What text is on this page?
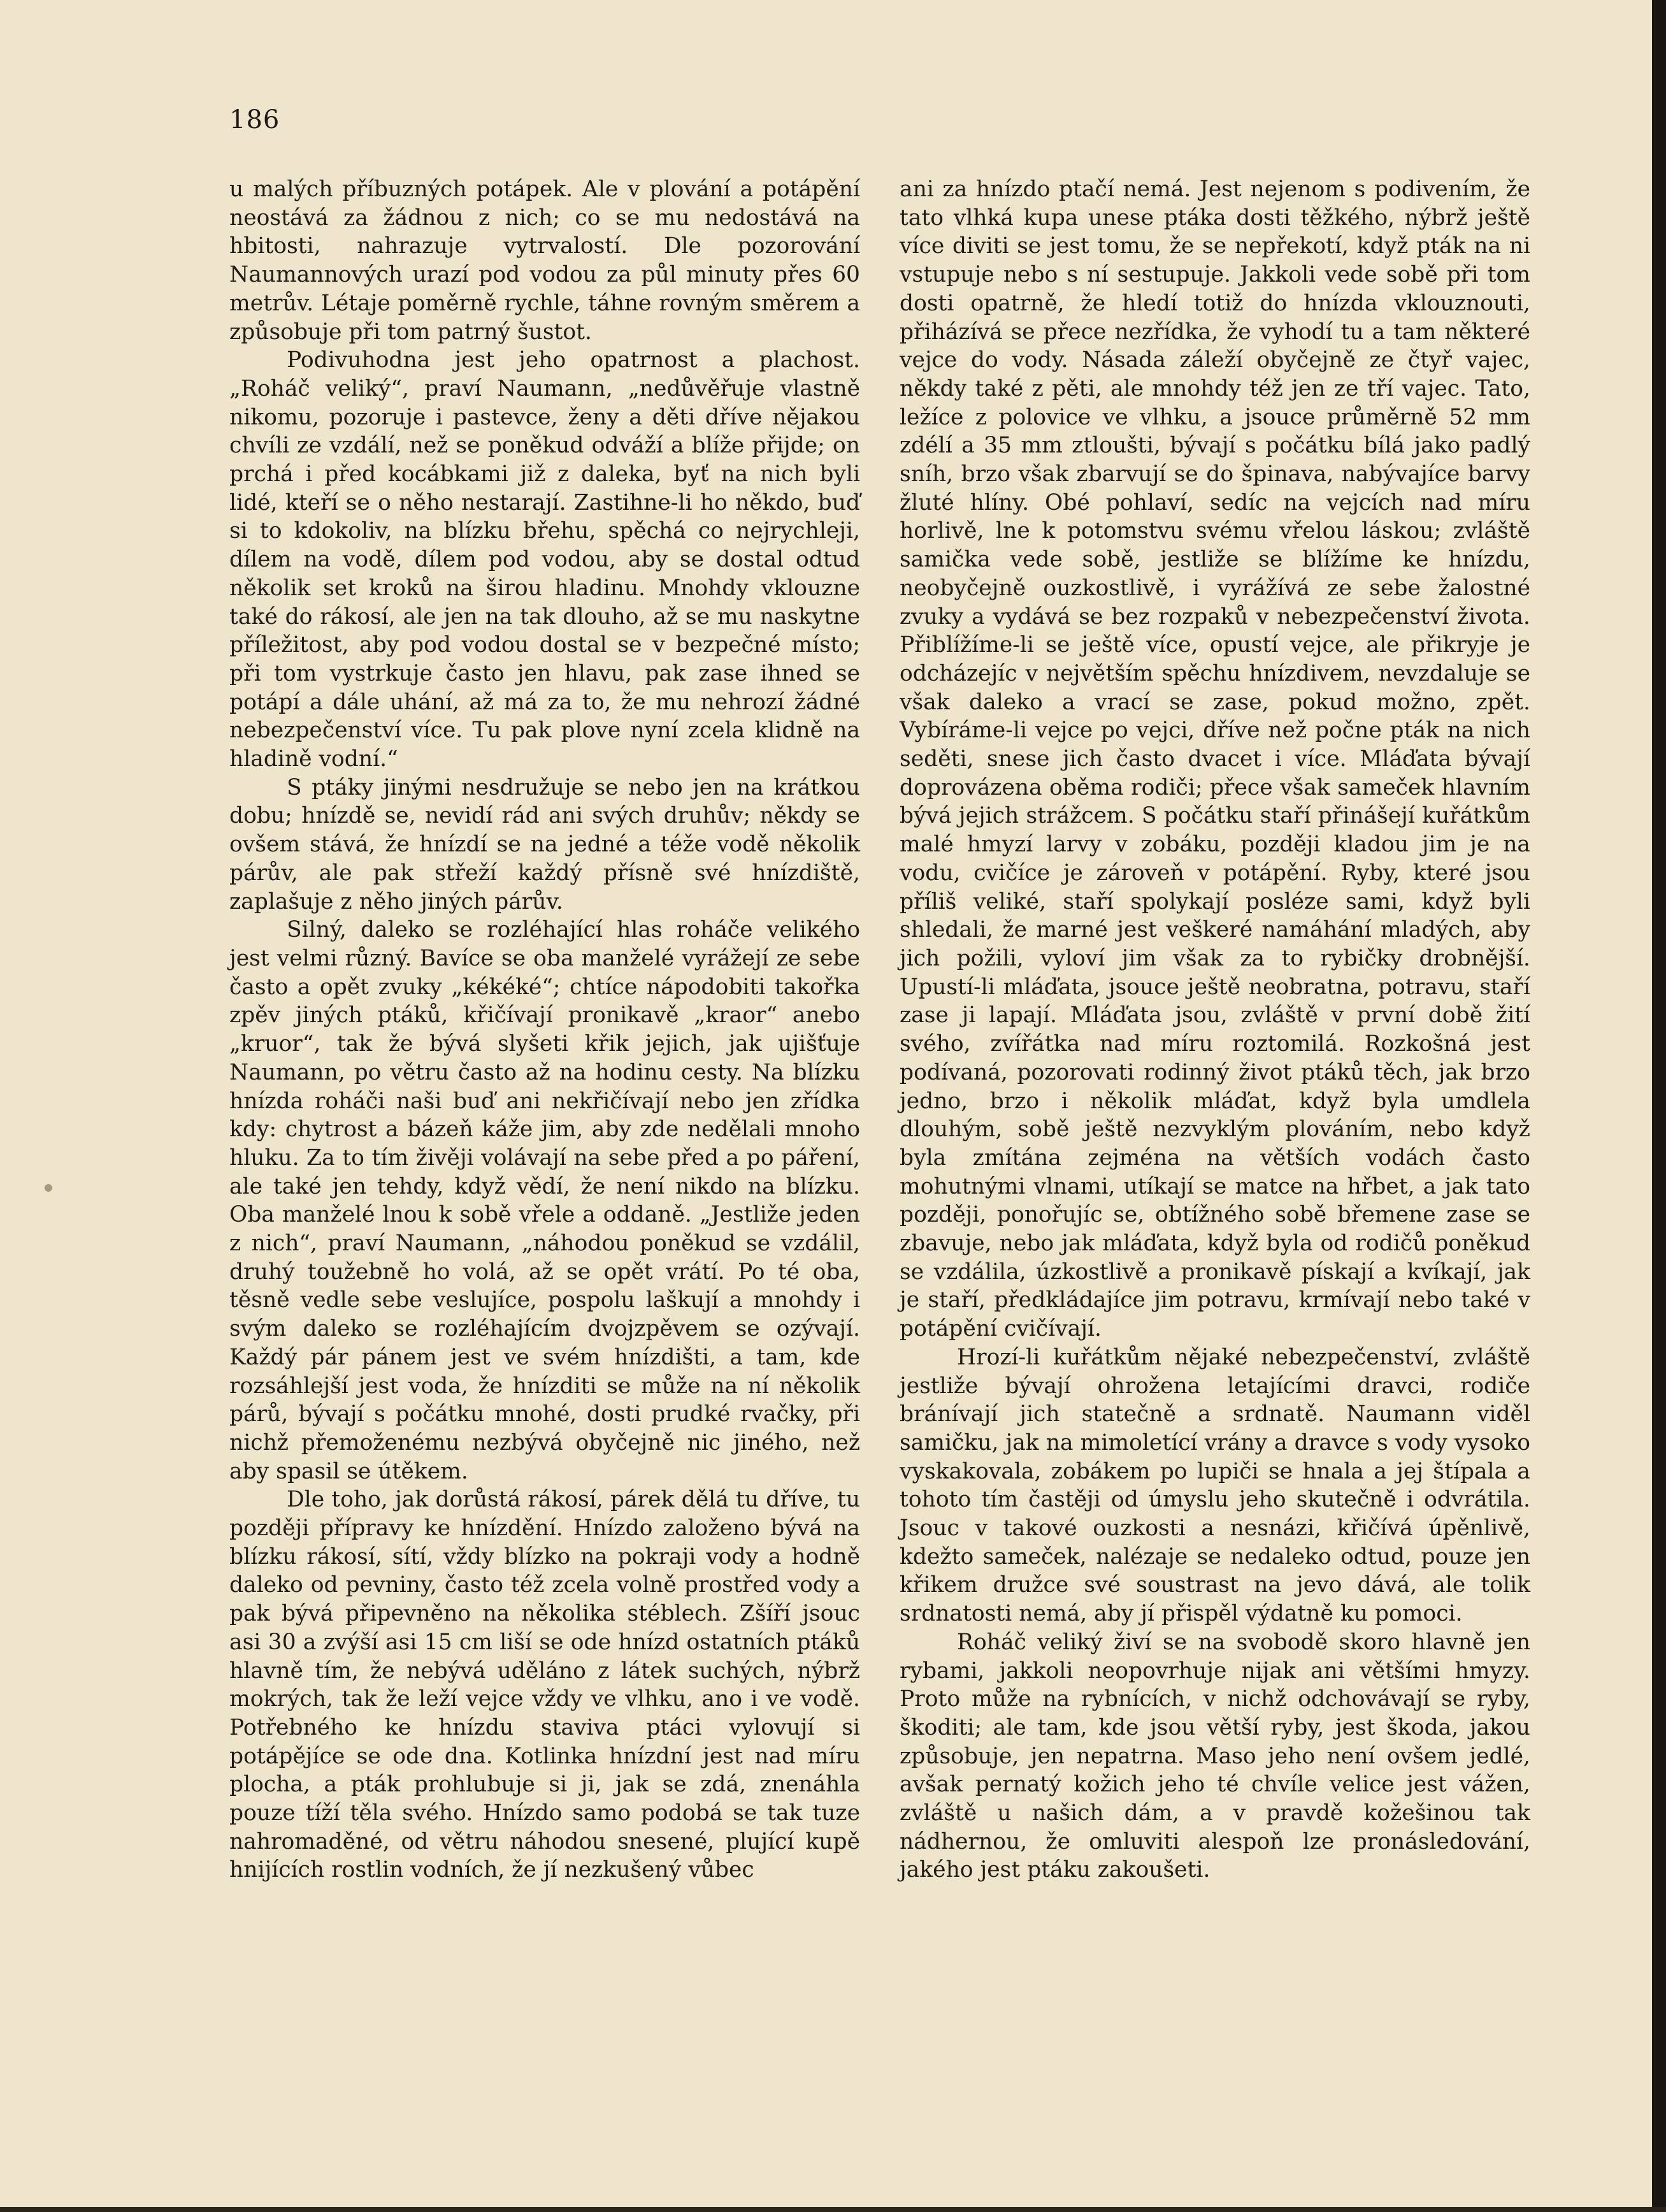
186

u malých příbuzných potápek. Ale v plování a potápění neostává za žádnou z nich; co se mu nedostává na hbitosti, nahrazuje vytrvalostí. Dle pozorování Naumannových urazí pod vodou za půl minuty přes 60 metrův. Létaje poměrně rychle, táhne rovným směrem a způsobuje při tom patrný šustot.

Podivuhodna jest jeho opatrnost a plachost. „Roháč veliký“, praví Naumann, „nedůvěřuje vlastně nikomu, pozoruje i pastevce, ženy a děti dříve nějakou chvíli ze vzdálí, než se poněkud odváží a blíže přijde; on prchá i před kocábkami již z daleka, byť na nich byli lidé, kteří se o něho nestarají. Zastihne-li ho někdo, buď si to kdokoliv, na blízku břehu, spěchá co nejrychleji, dílem na vodě, dílem pod vodou, aby se dostal odtud několik set kroků na širou hladinu. Mnohdy vklouzne také do rákosí, ale jen na tak dlouho, až se mu naskytne příležitost, aby pod vodou dostal se v bezpečné místo; při tom vystrkuje často jen hlavu, pak zase ihned se potápí a dále uhání, až má za to, že mu nehrozí žádné nebezpečenství více. Tu pak plove nyní zcela klidně na hladině vodní.“

S ptáky jinými nesdružuje se nebo jen na krátkou dobu; hnízdě se, nevidí rád ani svých druhův; někdy se ovšem stává, že hnízdí se na jedné a téže vodě několik párův, ale pak střeží každý přísně své hnízdiště, zaplašuje z něho jiných párův.

Silný, daleko se rozléhající hlas roháče velikého jest velmi různý. Bavíce se oba manželé vyrážejí ze sebe často a opět zvuky „kékéké“; chtíce nápodobiti takořka zpěv jiných ptáků, křičívají pronikavě „kraor“ anebo „kruor“, tak že bývá slyšeti křik jejich, jak ujišťuje Naumann, po větru často až na hodinu cesty. Na blízku hnízda roháči naši buď ani nekřičívají nebo jen zřídka kdy: chytrost a bázeň káže jim, aby zde nedělali mnoho hluku. Za to tím živěji volávají na sebe před a po páření, ale také jen tehdy, když vědí, že není nikdo na blízku. Oba manželé lnou k sobě vřele a oddaně. „Jestliže jeden z nich“, praví Naumann, „náhodou poněkud se vzdálil, druhý toužebně ho volá, až se opět vrátí. Po té oba, těsně vedle sebe veslujíce, pospolu laškují a mnohdy i svým daleko se rozléhajícím dvojzpěvem se ozývají. Každý pár pánem jest ve svém hnízdišti, a tam, kde rozsáhlejší jest voda, že hnízditi se může na ní několik párů, bývají s počátku mnohé, dosti prudké rvačky, při nichž přemoženému nezbývá obyčejně nic jiného, než aby spasil se útěkem.

Dle toho, jak dorůstá rákosí, párek dělá tu dříve, tu později přípravy ke hnízdění. Hnízdo založeno bývá na blízku rákosí, sítí, vždy blízko na pokraji vody a hodně daleko od pevniny, často též zcela volně prostřed vody a pak bývá připevněno na několika stéblech. Zšíří jsouc asi 30 a zvýší asi 15 cm liší se ode hnízd ostatních ptáků hlavně tím, že nebývá uděláno z látek suchých, nýbrž mokrých, tak že leží vejce vždy ve vlhku, ano i ve vodě. Potřebného ke hnízdu staviva ptáci vylovují si potápějíce se ode dna. Kotlinka hnízdní jest nad míru plocha, a pták prohlubuje si ji, jak se zdá, znenáhla pouze tíží těla svého. Hnízdo samo podobá se tak tuze nahromaděné, od větru náhodou snesené, plující kupě hnijících rostlin vodních, že jí nezkušený vůbec

ani za hnízdo ptačí nemá. Jest nejenom s podivením, že tato vlhká kupa unese ptáka dosti těžkého, nýbrž ještě více diviti se jest tomu, že se nepřekotí, když pták na ni vstupuje nebo s ní sestupuje. Jakkoli vede sobě při tom dosti opatrně, že hledí totiž do hnízda vklouznouti, přiházívá se přece nezřídka, že vyhodí tu a tam některé vejce do vody. Násada záleží obyčejně ze čtyř vajec, někdy také z pěti, ale mnohdy též jen ze tří vajec. Tato, ležíce z polovice ve vlhku, a jsouce průměrně 52 mm zdélí a 35 mm ztloušti, bývají s počátku bílá jako padlý sníh, brzo však zbarvují se do špinava, nabývajíce barvy žluté hlíny. Obé pohlaví, sedíc na vejcích nad míru horlivě, lne k potomstvu svému vřelou láskou; zvláště samička vede sobě, jestliže se blížíme ke hnízdu, neobyčejně ouzkostlivě, i vyrážívá ze sebe žalostné zvuky a vydává se bez rozpaků v nebezpečenství života. Přiblížíme-li se ještě více, opustí vejce, ale přikryje je odcházejíc v největším spěchu hnízdivem, nevzdaluje se však daleko a vrací se zase, pokud možno, zpět. Vybíráme-li vejce po vejci, dříve než počne pták na nich seděti, snese jich často dvacet i více. Mláďata bývají doprovázena oběma rodiči; přece však sameček hlavním bývá jejich strážcem. S počátku staří přinášejí kuřátkům malé hmyzí larvy v zobáku, později kladou jim je na vodu, cvičíce je zároveň v potápění. Ryby, které jsou příliš veliké, staří spolykají posléze sami, když byli shledali, že marné jest veškeré namáhání mladých, aby jich požili, vyloví jim však za to rybičky drobnější. Upustí-li mláďata, jsouce ještě neobratna, potravu, staří zase ji lapají. Mláďata jsou, zvláště v první době žití svého, zvířátka nad míru roztomilá. Rozkošná jest podívaná, pozorovati rodinný život ptáků těch, jak brzo jedno, brzo i několik mláďat, když byla umdlela dlouhým, sobě ještě nezvyklým plováním, nebo když byla zmítána zejména na větších vodách často mohutnými vlnami, utíkají se matce na hřbet, a jak tato později, ponořujíc se, obtížného sobě břemene zase se zbavuje, nebo jak mláďata, když byla od rodičů poněkud se vzdálila, úzkostlivě a pronikavě pískají a kvíkají, jak je staří, předkládajíce jim potravu, krmívají nebo také v potápění cvičívají.

Hrozí-li kuřátkům nějaké nebezpečenství, zvláště jestliže bývají ohrožena letajícími dravci, rodiče bránívají jich statečně a srdnatě. Naumann viděl samičku, jak na mimoletící vrány a dravce s vody vysoko vyskakovala, zobákem po lupiči se hnala a jej štípala a tohoto tím častěji od úmyslu jeho skutečně i odvrátila. Jsouc v takové ouzkosti a nesnázi, křičívá úpěnlivě, kdežto sameček, nalézaje se nedaleko odtud, pouze jen křikem družce své soustrast na jevo dává, ale tolik srdnatosti nemá, aby jí přispěl výdatně ku pomoci.

Roháč veliký živí se na svobodě skoro hlavně jen rybami, jakkoli neopovrhuje nijak ani většími hmyzy. Proto může na rybnících, v nichž odchovávají se ryby, škoditi; ale tam, kde jsou větší ryby, jest škoda, jakou způsobuje, jen nepatrna. Maso jeho není ovšem jedlé, avšak pernatý kožich jeho té chvíle velice jest vážen, zvláště u našich dám, a v pravdě kožešinou tak nádhernou, že omluviti alespoň lze pronásledování, jakého jest ptáku zakoušeti.
